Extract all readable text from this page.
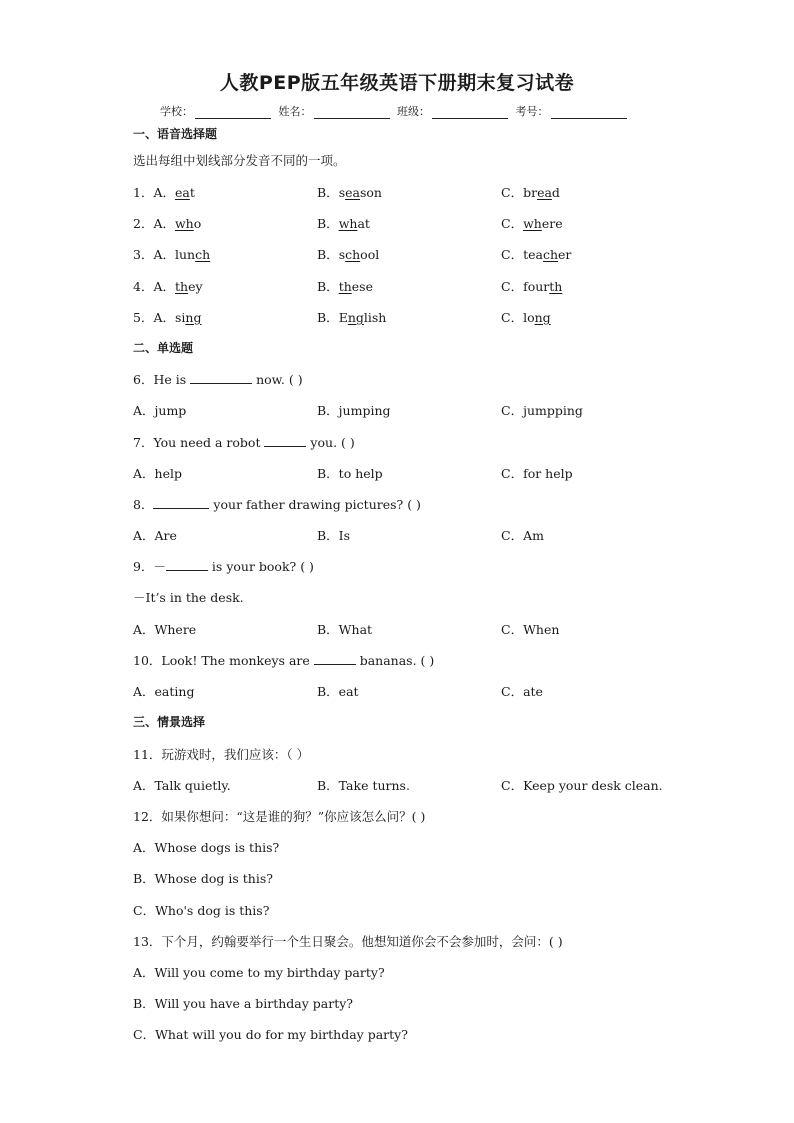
人教PEP版五年级英语下册期末复习试卷
学校：	姓名：	班级：	考号：
一、语音选择题
选出每组中划线部分发音不同的一项。
1．A．eat	B．season	C．bread
2．A．who	B．what	C．where
3．A．lunch	B．school	C．teacher
4．A．they	B．these	C．fourth
5．A．sing	B．English	C．long
二、单选题
6．He is	now. ( )
A．jump	B．jumping	C．jumpping
7．You need a robot	you. ( )
A．help	B．to help	C．for help
8．	your father drawing pictures? ( )
A．Are	B．Is	C．Am
9．－	is your book? ( )
－It’s in the desk.
A．Where	B．What	C．When
10．Look! The monkeys are	bananas. ( )
A．eating	B．eat	C．ate
三、情景选择
11．玩游戏时，我们应该：（ ）
A．Talk quietly.	B．Take turns.	C．Keep your desk clean.
12．如果你想问：“这是谁的狗？”你应该怎么问？( )
A．Whose dogs is this?
B．Whose dog is this?
C．Who's dog is this?
13．下个月，约翰要举行一个生日聚会。他想知道你会不会参加时，会问：( )
A．Will you come to my birthday party?
B．Will you have a birthday party?
C．What will you do for my birthday party?
